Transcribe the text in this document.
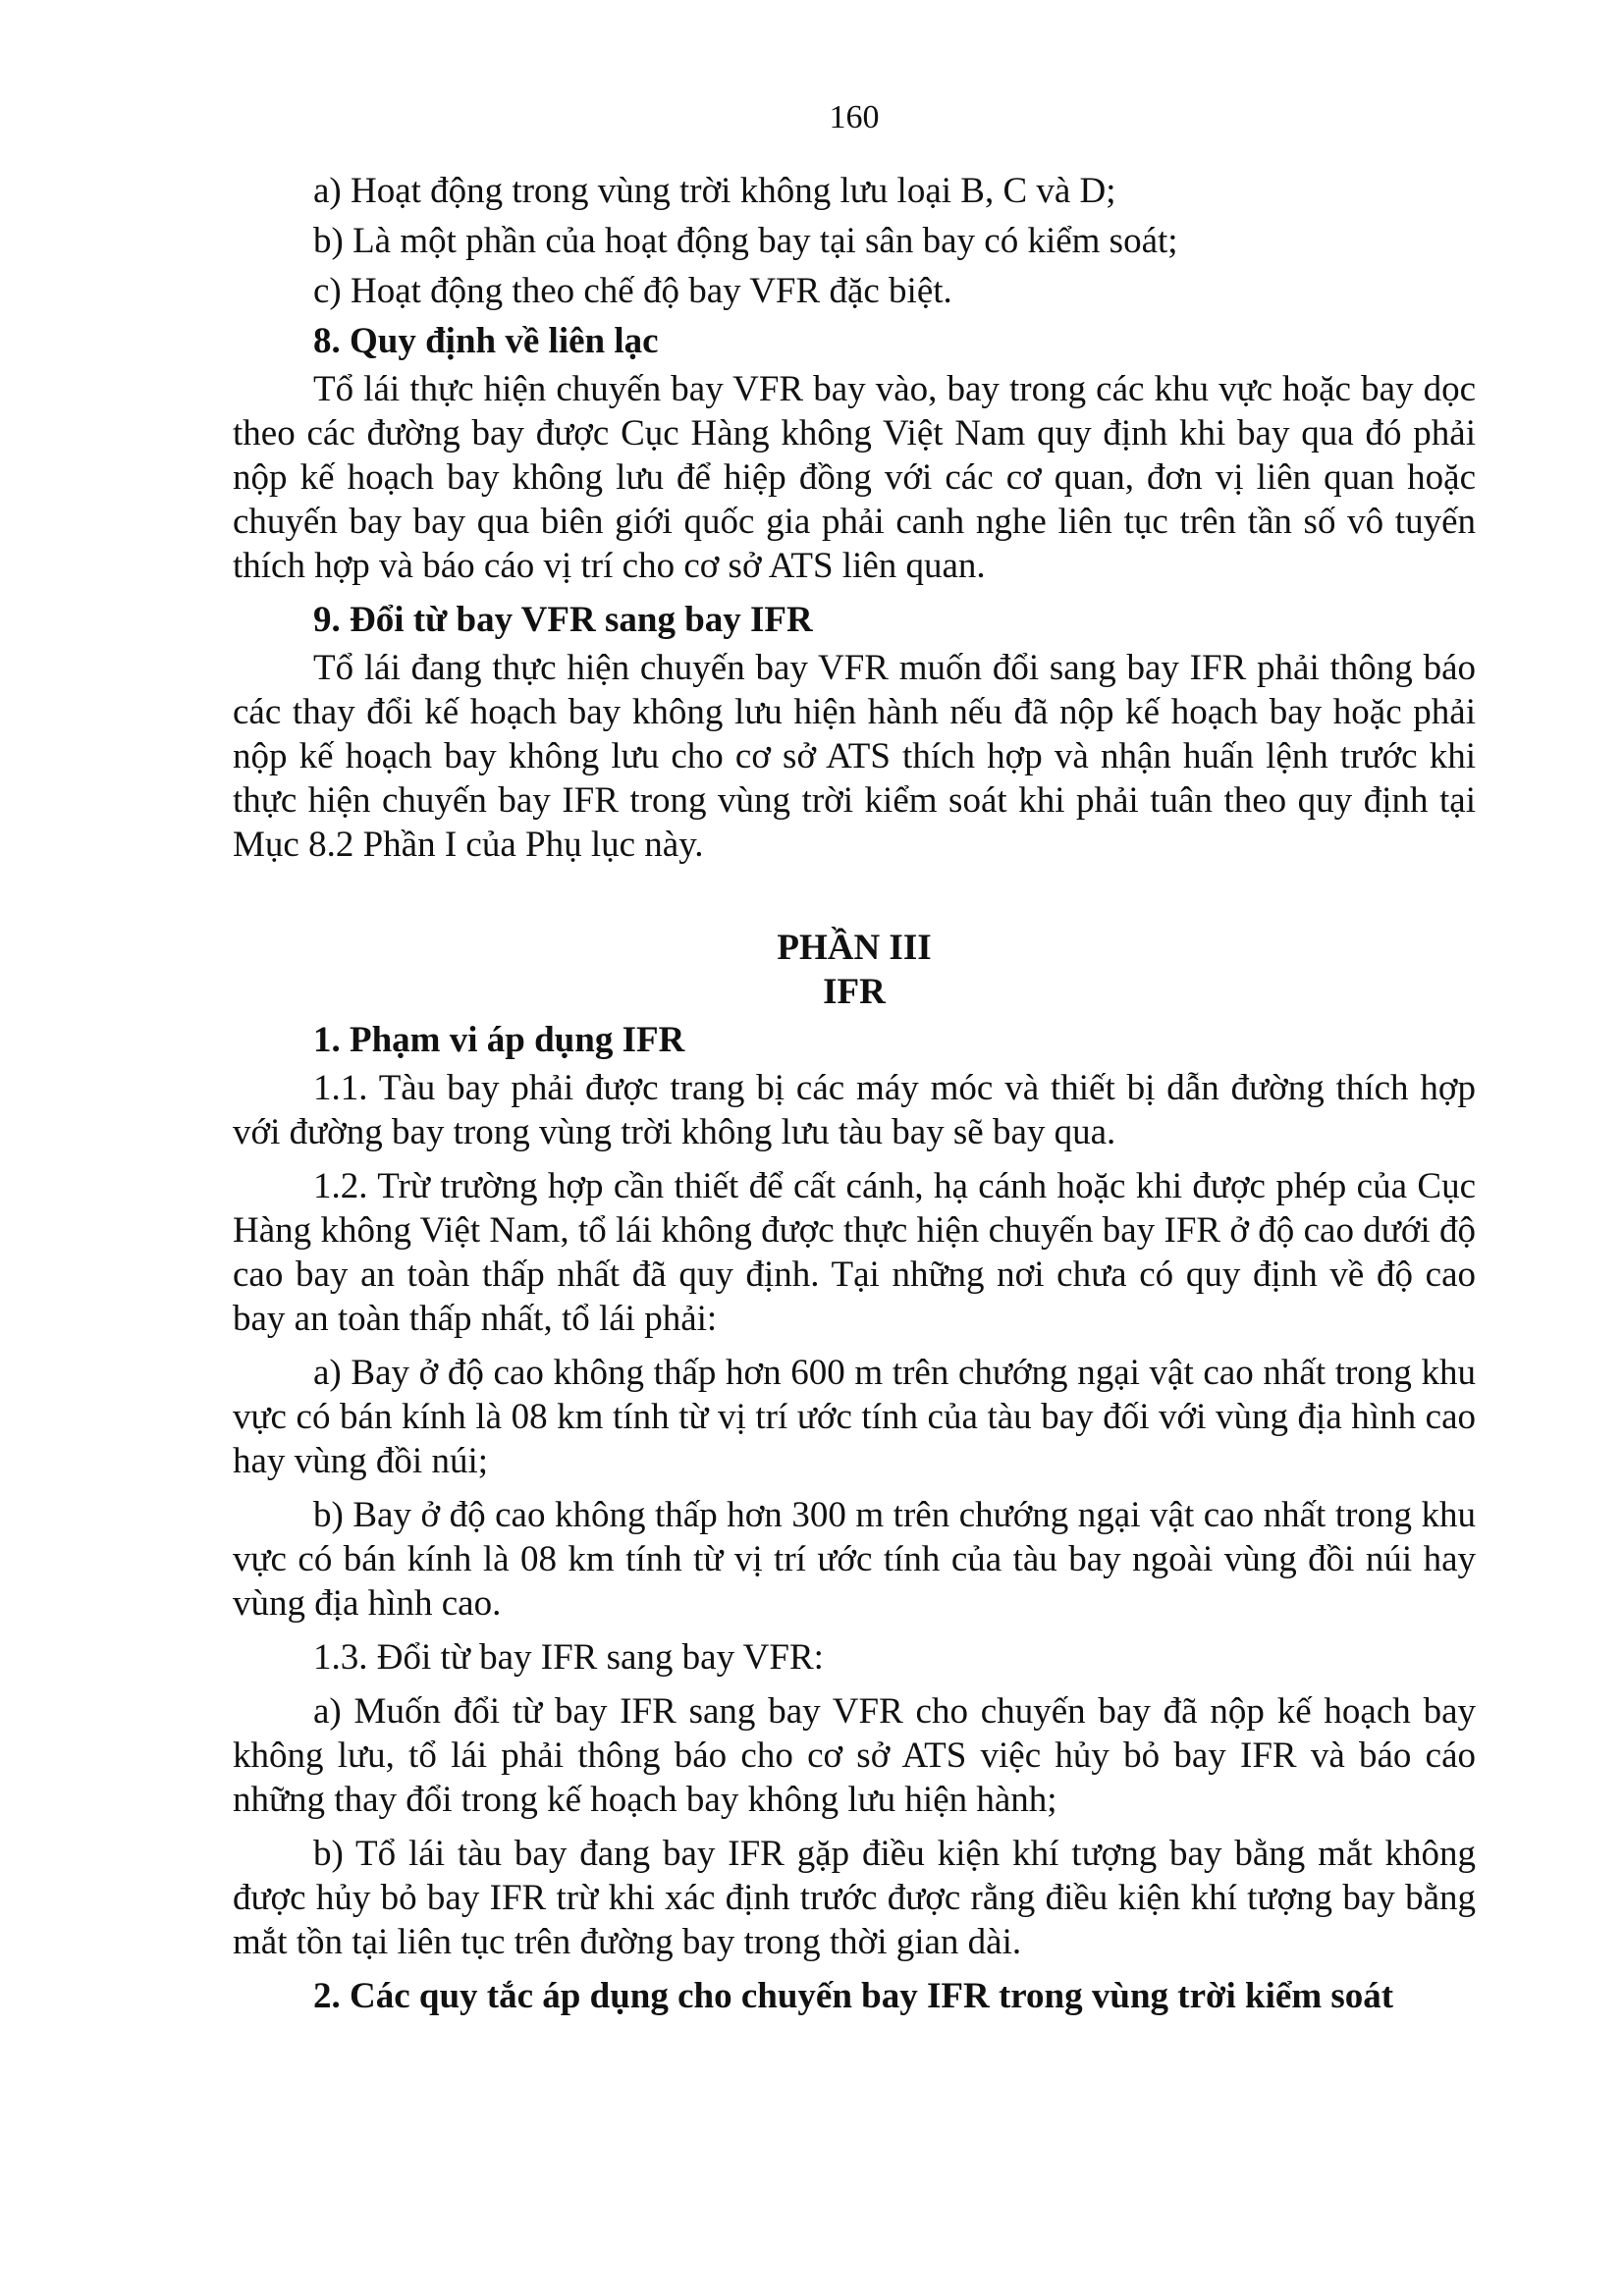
160

a) Hoạt động trong vùng trời không lưu loại B, C và D;

b) Là một phần của hoạt động bay tại sân bay có kiểm soát;

c) Hoạt động theo chế độ bay VFR đặc biệt.

8. Quy định về liên lạc

Tổ lái thực hiện chuyến bay VFR bay vào, bay trong các khu vực hoặc bay dọc theo các đường bay được Cục Hàng không Việt Nam quy định khi bay qua đó phải nộp kế hoạch bay không lưu để hiệp đồng với các cơ quan, đơn vị liên quan hoặc chuyến bay bay qua biên giới quốc gia phải canh nghe liên tục trên tần số vô tuyến thích hợp và báo cáo vị trí cho cơ sở ATS liên quan.

9. Đổi từ bay VFR sang bay IFR

Tổ lái đang thực hiện chuyến bay VFR muốn đổi sang bay IFR phải thông báo các thay đổi kế hoạch bay không lưu hiện hành nếu đã nộp kế hoạch bay hoặc phải nộp kế hoạch bay không lưu cho cơ sở ATS thích hợp và nhận huấn lệnh trước khi thực hiện chuyến bay IFR trong vùng trời kiểm soát khi phải tuân theo quy định tại Mục 8.2 Phần I của Phụ lục này.

PHẦN III
IFR

1. Phạm vi áp dụng IFR

1.1. Tàu bay phải được trang bị các máy móc và thiết bị dẫn đường thích hợp với đường bay trong vùng trời không lưu tàu bay sẽ bay qua.

1.2. Trừ trường hợp cần thiết để cất cánh, hạ cánh hoặc khi được phép của Cục Hàng không Việt Nam, tổ lái không được thực hiện chuyến bay IFR ở độ cao dưới độ cao bay an toàn thấp nhất đã quy định. Tại những nơi chưa có quy định về độ cao bay an toàn thấp nhất, tổ lái phải:

a) Bay ở độ cao không thấp hơn 600 m trên chướng ngại vật cao nhất trong khu vực có bán kính là 08 km tính từ vị trí ước tính của tàu bay đối với vùng địa hình cao hay vùng đồi núi;

b) Bay ở độ cao không thấp hơn 300 m trên chướng ngại vật cao nhất trong khu vực có bán kính là 08 km tính từ vị trí ước tính của tàu bay ngoài vùng đồi núi hay vùng địa hình cao.

1.3. Đổi từ bay IFR sang bay VFR:

a) Muốn đổi từ bay IFR sang bay VFR cho chuyến bay đã nộp kế hoạch bay không lưu, tổ lái phải thông báo cho cơ sở ATS việc hủy bỏ bay IFR và báo cáo những thay đổi trong kế hoạch bay không lưu hiện hành;

b) Tổ lái tàu bay đang bay IFR gặp điều kiện khí tượng bay bằng mắt không được hủy bỏ bay IFR trừ khi xác định trước được rằng điều kiện khí tượng bay bằng mắt tồn tại liên tục trên đường bay trong thời gian dài.

2. Các quy tắc áp dụng cho chuyến bay IFR trong vùng trời kiểm soát
